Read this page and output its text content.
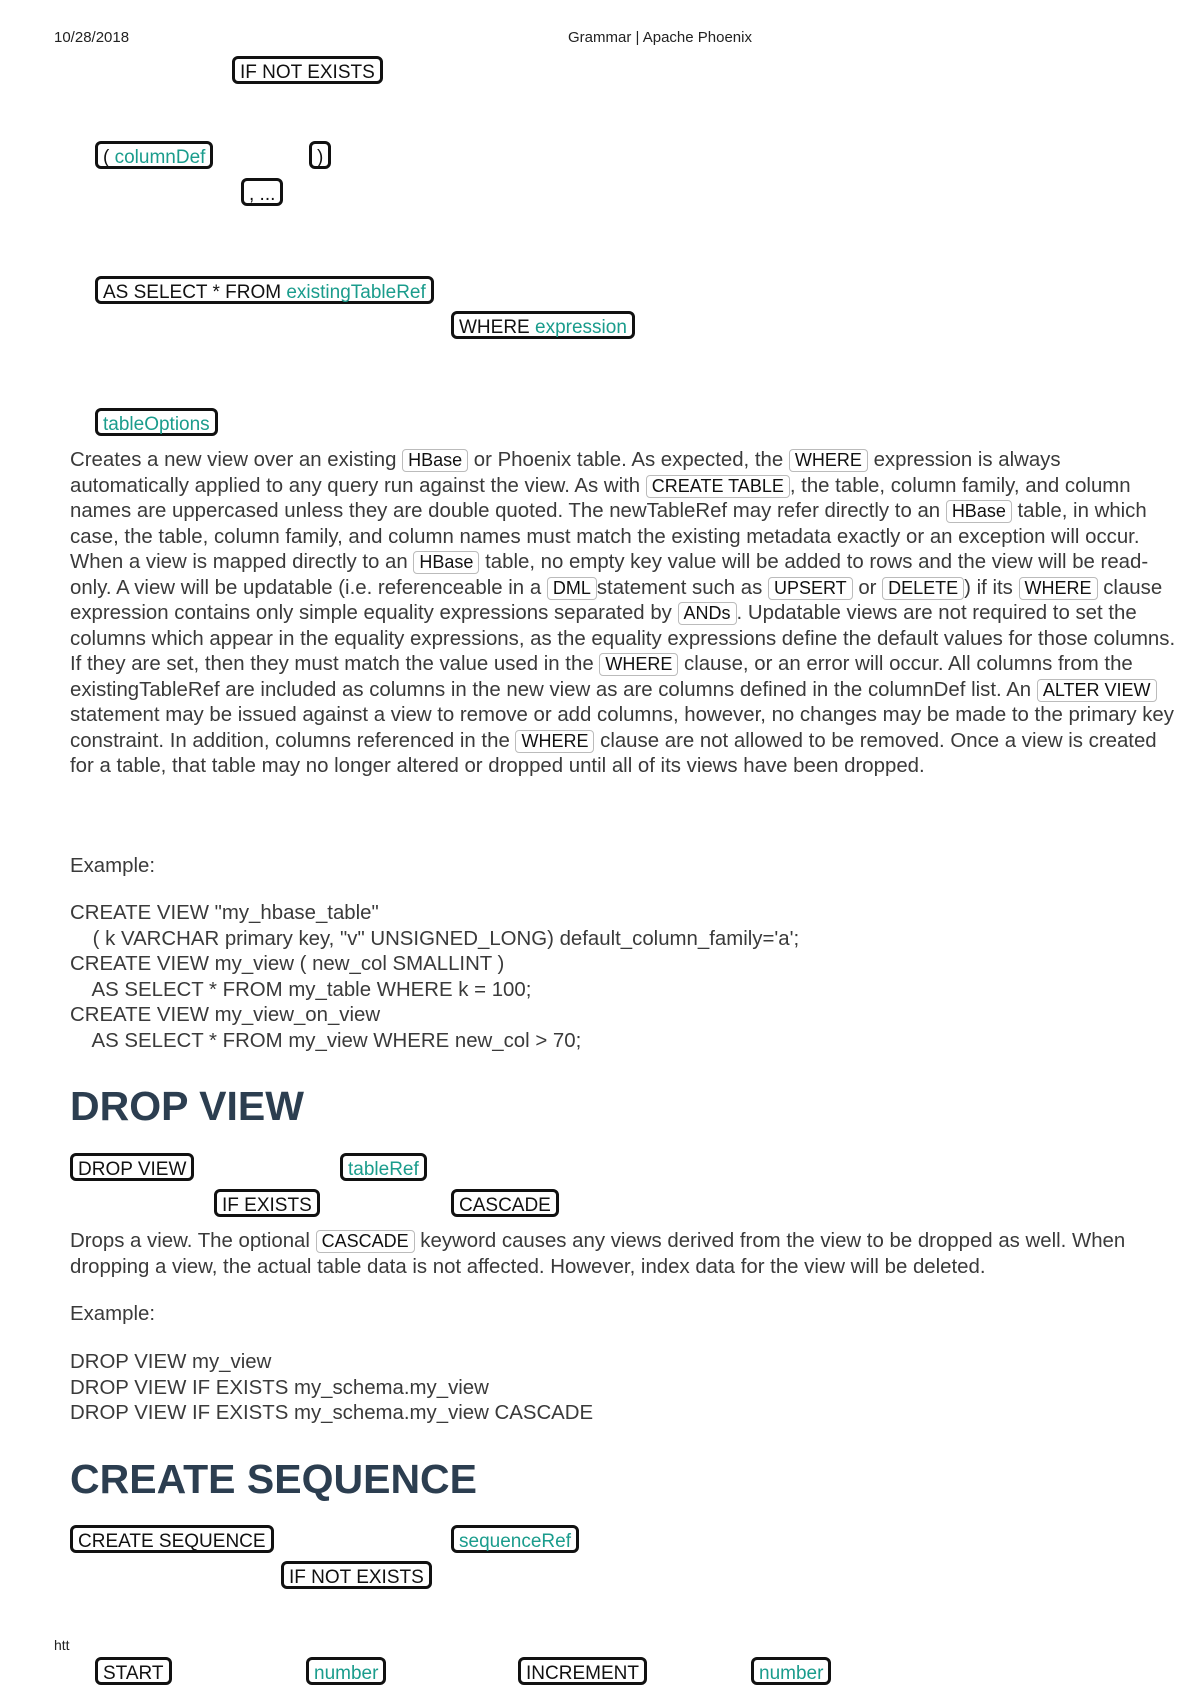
10/28/2018	Grammar | Apache Phoenix
IF NOT EXISTS
( columnDef	)
, ...
AS SELECT * FROM existingTableRef
WHERE expression
tableOptions

Creates a new view over an existing HBase or Phoenix table. As expected, the WHERE expression is always automatically applied to any query run against the view. As with CREATE TABLE , the table, column family, and column names are uppercased unless they are double quoted. The newTableRef may refer directly to an HBase table, in which case, the table, column family, and column names must match the existing metadata exactly or an exception will occur. When a view is mapped directly to an HBase table, no empty key value will be added to rows and the view will be read-only. A view will be updatable (i.e. referenceable in a DML statement such as UPSERT or DELETE ) if its WHERE clause expression contains only simple equality expressions separated by ANDs . Updatable views are not required to set the columns which appear in the equality expressions, as the equality expressions define the default values for those columns. If they are set, then they must match the value used in the WHERE clause, or an error will occur. All columns from the existingTableRef are included as columns in the new view as are columns defined in the columnDef list. An ALTER VIEWstatement may be issued against a view to remove or add columns, however, no changes may be made to the primary key constraint. In addition, columns referenced in the WHERE clause are not allowed to be removed. Once a view is created for a table, that table may no longer altered or dropped until all of its views have been dropped.

Example:
CREATE VIEW "my_hbase_table"
( k VARCHAR primary key, "v" UNSIGNED_LONG) default_column_family='a';
CREATE VIEW my_view ( new_col SMALLINT )
AS SELECT * FROM my_table WHERE k = 100;
CREATE VIEW my_view_on_view
AS SELECT * FROM my_view WHERE new_col > 70;
DROP VIEW
DROP VIEW	tableRef
IF EXISTS	CASCADE

Drops a view. The optional CASCADE keyword causes any views derived from the view to be dropped as well. When dropping a view, the actual table data is not affected. However, index data for the view will be deleted.

Example:
DROP VIEW my_view
DROP VIEW IF EXISTS my_schema.my_view
DROP VIEW IF EXISTS my_schema.my_view CASCADE
CREATE SEQUENCE
CREATE SEQUENCE	sequenceRef
IF NOT EXISTS
htt
START	number	INCREMENT	number
